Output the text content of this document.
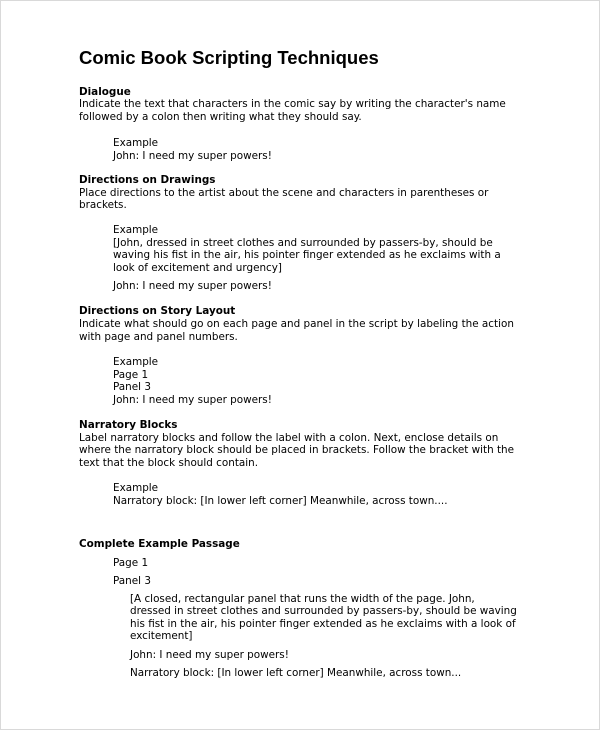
Comic Book Scripting Techniques
Dialogue
Indicate the text that characters in the comic say by writing the character's name
followed by a colon then writing what they should say.
Example
John: I need my super powers!
Directions on Drawings
Place directions to the artist about the scene and characters in parentheses or
brackets.
Example
[John, dressed in street clothes and surrounded by passers-by, should be
waving his fist in the air, his pointer finger extended as he exclaims with a
look of excitement and urgency]
John: I need my super powers!
Directions on Story Layout
Indicate what should go on each page and panel in the script by labeling the action
with page and panel numbers.
Example
Page 1
Panel 3
John: I need my super powers!
Narratory Blocks
Label narratory blocks and follow the label with a colon. Next, enclose details on
where the narratory block should be placed in brackets. Follow the bracket with the
text that the block should contain.
Example
Narratory block: [In lower left corner] Meanwhile, across town....
Complete Example Passage
Page 1
Panel 3
[A closed, rectangular panel that runs the width of the page. John,
dressed in street clothes and surrounded by passers-by, should be waving
his fist in the air, his pointer finger extended as he exclaims with a look of
excitement]
John: I need my super powers!
Narratory block: [In lower left corner] Meanwhile, across town...
